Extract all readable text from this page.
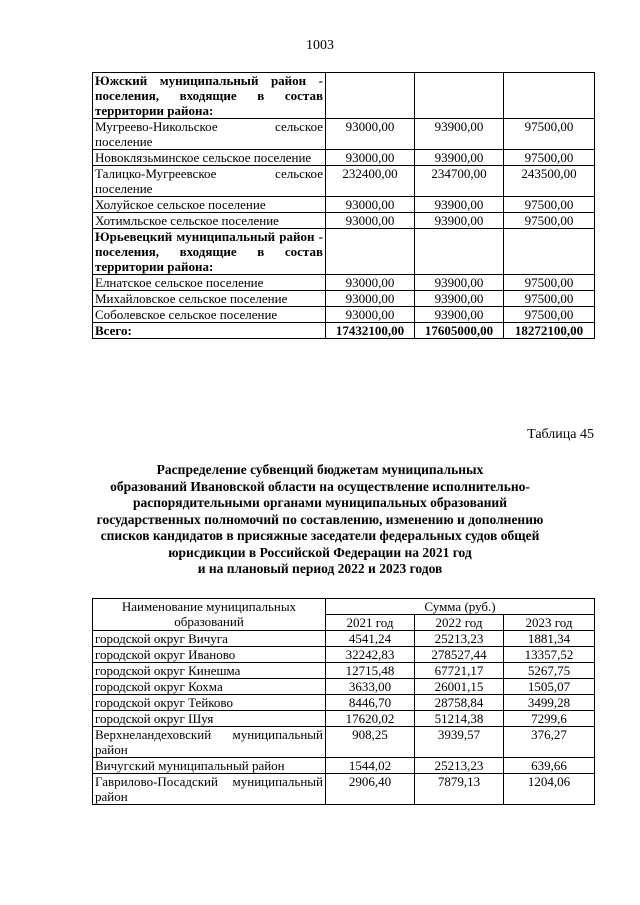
1003
Южский муниципальный район - поселения, входящие в состав территории района:			
Мугреево-Никольское сельское поселение	93000,00	93900,00	97500,00
Новоклязьминское сельское поселение	93000,00	93900,00	97500,00
Талицко-Мугреевское сельское поселение	232400,00	234700,00	243500,00
Холуйское сельское поселение	93000,00	93900,00	97500,00
Хотимльское сельское поселение	93000,00	93900,00	97500,00
Юрьевецкий муниципальный район - поселения, входящие в состав территории района:			
Елнатское сельское поселение	93000,00	93900,00	97500,00
Михайловское сельское поселение	93000,00	93900,00	97500,00
Соболевское сельское поселение	93000,00	93900,00	97500,00
Всего:	17432100,00	17605000,00	18272100,00
Таблица 45
Распределение субвенций бюджетам муниципальных
образований Ивановской области на осуществление исполнительно-
распорядительными органами муниципальных образований
государственных полномочий по составлению, изменению и дополнению
списков кандидатов в присяжные заседатели федеральных судов общей
юрисдикции в Российской Федерации на 2021 год
и на плановый период 2022 и 2023 годов
Наименование муниципальных образований	Сумма (руб.)		
	2021 год	2022 год	2023 год
городской округ Вичуга	4541,24	25213,23	1881,34
городской округ Иваново	32242,83	278527,44	13357,52
городской округ Кинешма	12715,48	67721,17	5267,75
городской округ Кохма	3633,00	26001,15	1505,07
городской округ Тейково	8446,70	28758,84	3499,28
городской округ Шуя	17620,02	51214,38	7299,6
Верхнеландеховский муниципальный район	908,25	3939,57	376,27
Вичугский муниципальный район	1544,02	25213,23	639,66
Гаврилово-Посадский муниципальный район	2906,40	7879,13	1204,06
